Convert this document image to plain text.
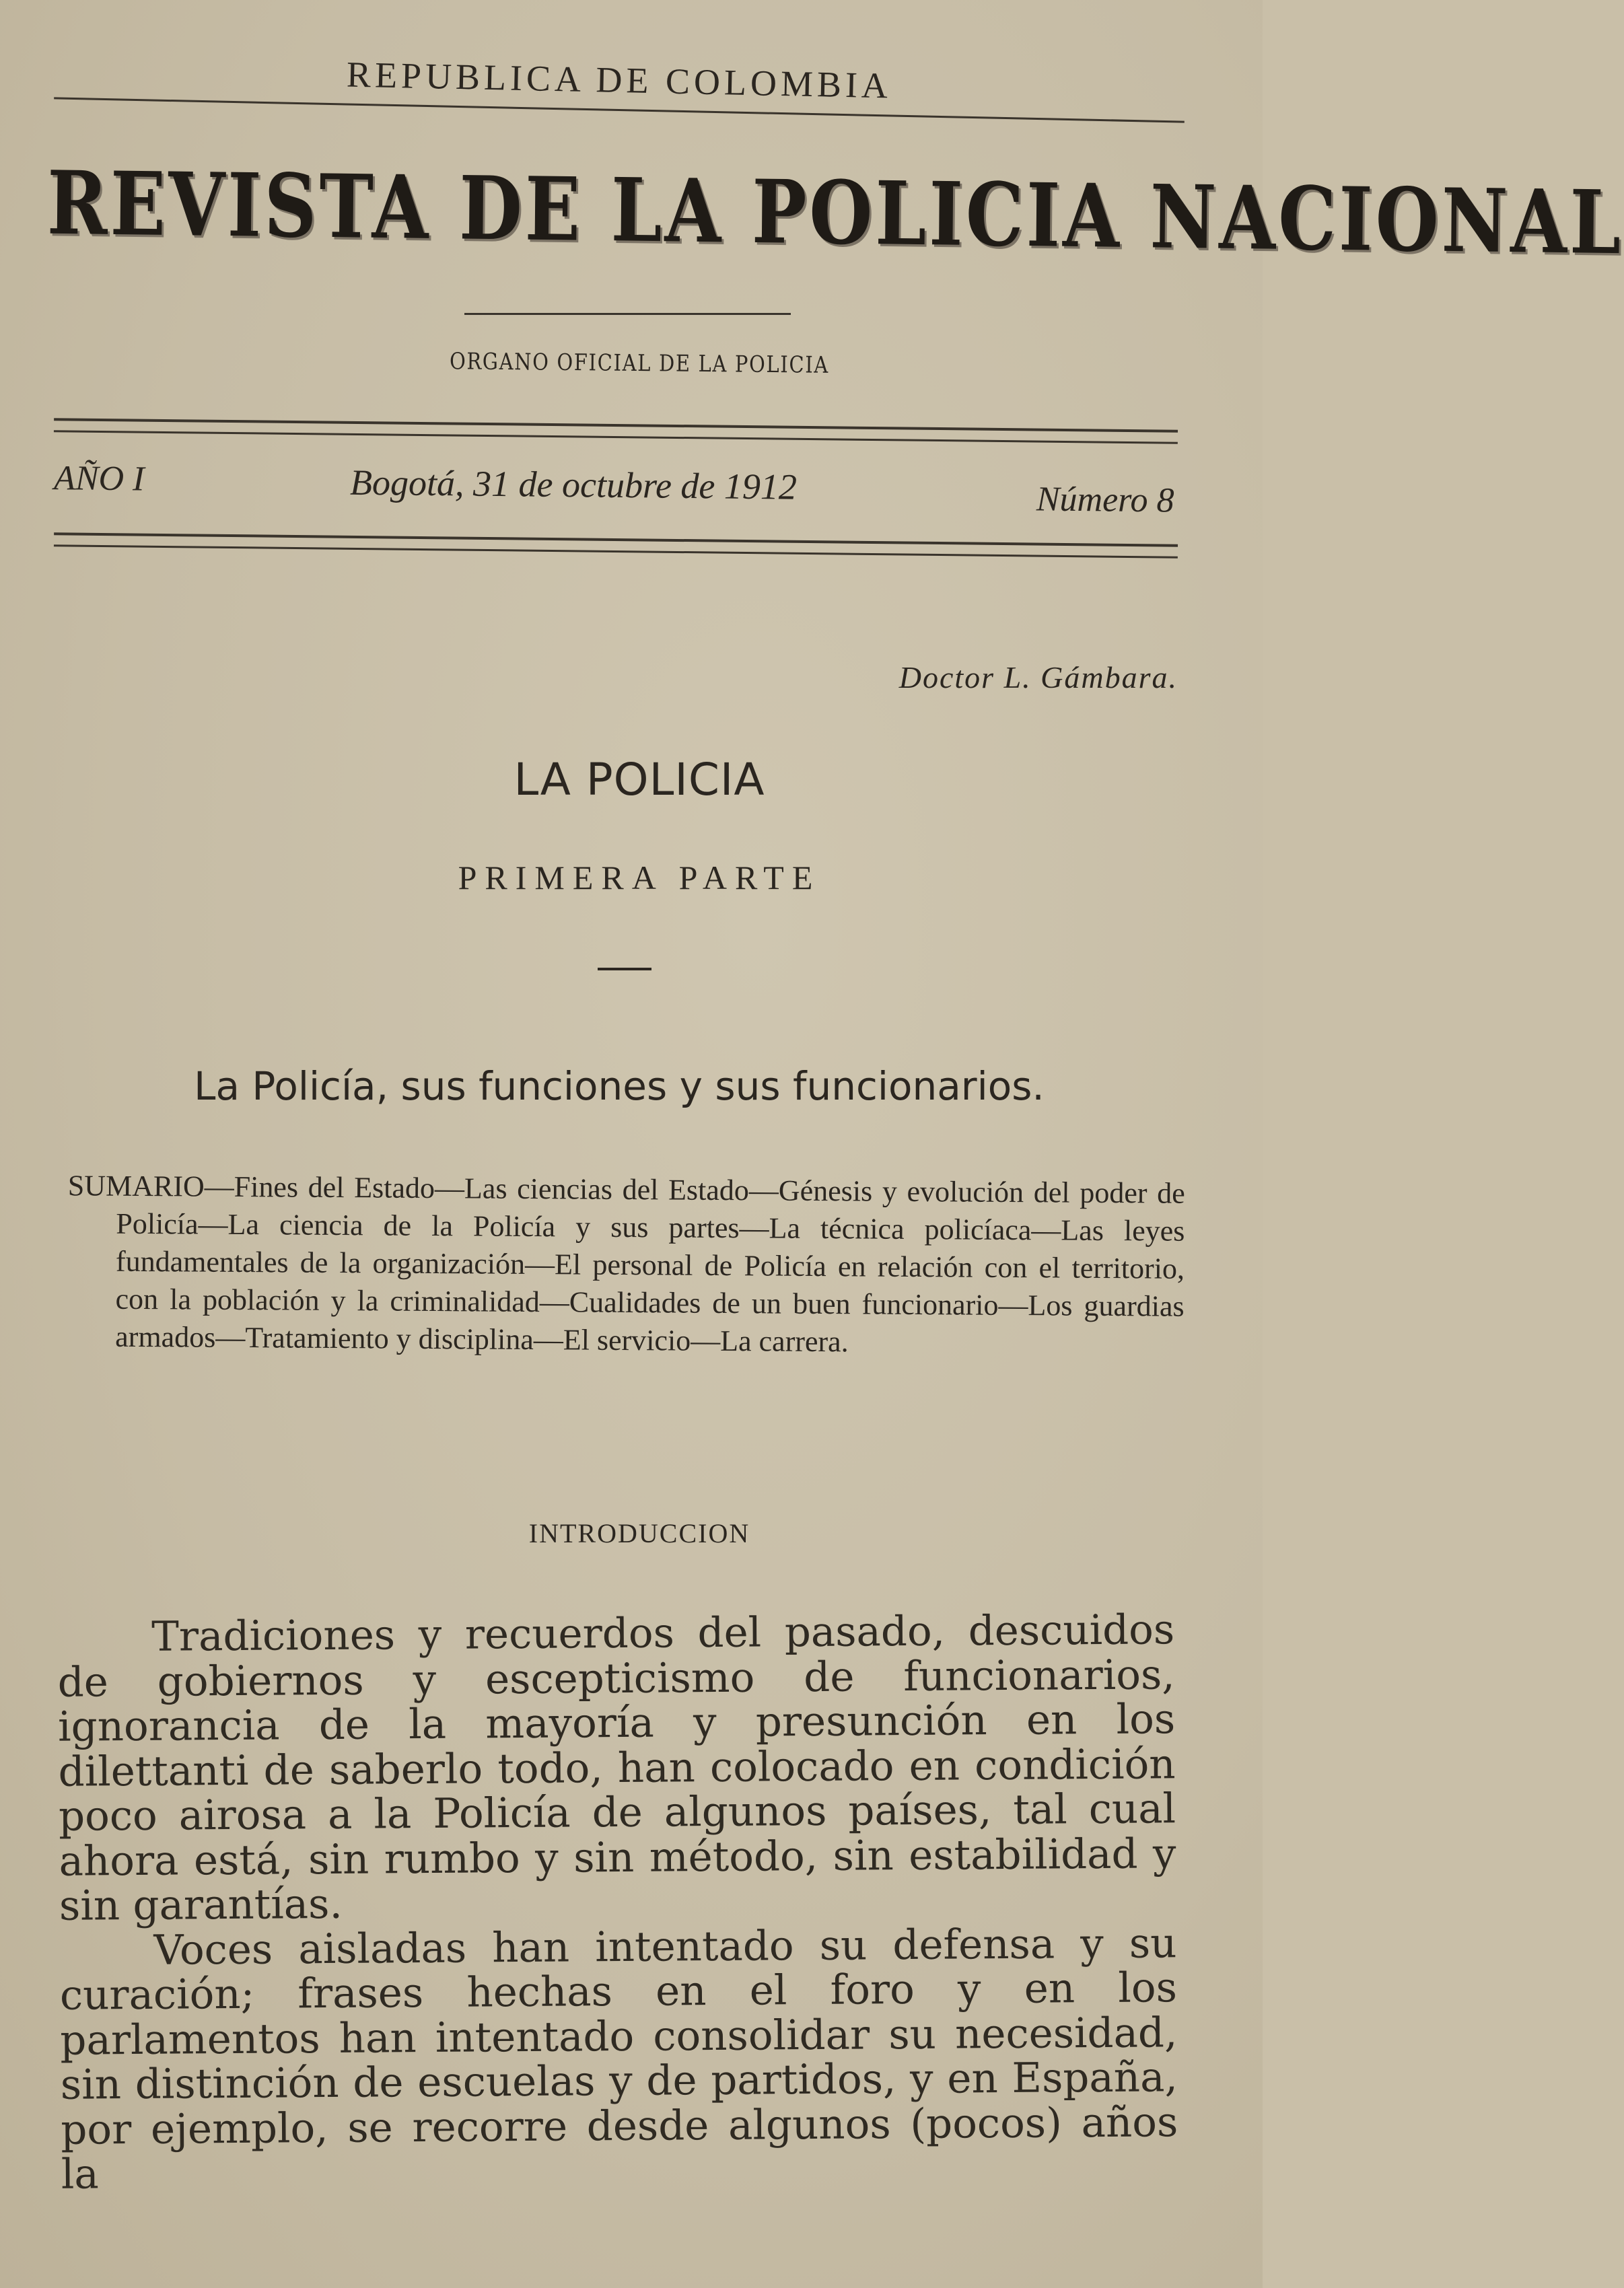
REPUBLICA DE COLOMBIA
REVISTA DE LA POLICIA NACIONAL
ORGANO OFICIAL DE LA POLICIA
AÑO I	Bogotá, 31 de octubre de 1912	Número 8
Doctor L. Gámbara.
LA POLICIA
PRIMERA PARTE
La Policía, sus funciones y sus funcionarios.
SUMARIO—Fines del Estado—Las ciencias del Estado—Génesis y evolución del poder de Policía—La ciencia de la Policía y sus partes—La técnica policíaca—Las leyes fundamentales de la organización—El personal de Policía en relación con el territorio, con la población y la criminalidad—Cualidades de un buen funcionario—Los guardias armados—Tratamiento y disciplina—El servicio—La carrera.
INTRODUCCION

Tradiciones y recuerdos del pasado, descuidos de gobiernos y escepticismo de funcionarios, ignorancia de la mayoría y presunción en los dilettanti de saberlo todo, han colocado en condición poco airosa a la Policía de algunos países, tal cual ahora está, sin rumbo y sin método, sin estabilidad y sin garantías.

Voces aisladas han intentado su defensa y su curación; frases hechas en el foro y en los parlamentos han intentado consolidar su necesidad, sin distinción de escuelas y de partidos, y en España, por ejemplo, se recorre desde algunos (pocos) años la
